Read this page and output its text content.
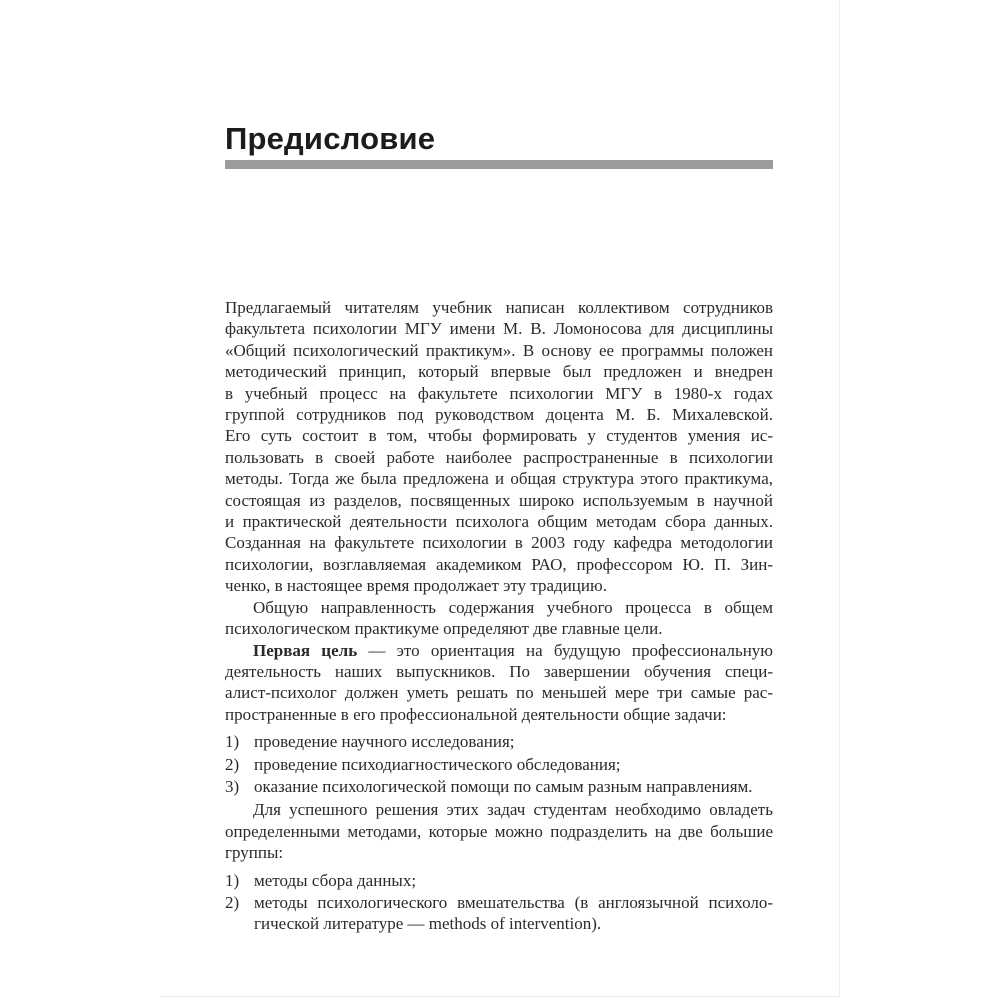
Предисловие
Предлагаемый читателям учебник написан коллективом сотрудников
факультета психологии МГУ имени М. В. Ломоносова для дисциплины
«Общий психологический практикум». В основу ее программы положен
методический принцип, который впервые был предложен и внедрен
в учебный процесс на факультете психологии МГУ в 1980-х годах
группой сотрудников под руководством доцента М. Б. Михалевской.
Его суть состоит в том, чтобы формировать у студентов умения ис-
пользовать в своей работе наиболее распространенные в психологии
методы. Тогда же была предложена и общая структура этого практикума,
состоящая из разделов, посвященных широко используемым в научной
и практической деятельности психолога общим методам сбора данных.
Созданная на факультете психологии в 2003 году кафедра методологии
психологии, возглавляемая академиком РАО, профессором Ю. П. Зин-
ченко, в настоящее время продолжает эту традицию.
Общую направленность содержания учебного процесса в общем
психологическом практикуме определяют две главные цели.
Первая цель — это ориентация на будущую профессиональную
деятельность наших выпускников. По завершении обучения специ-
алист-психолог должен уметь решать по меньшей мере три самые рас-
пространенные в его профессиональной деятельности общие задачи:
1) проведение научного исследования;
2) проведение психодиагностического обследования;
3) оказание психологической помощи по самым разным направлениям.
Для успешного решения этих задач студентам необходимо овладеть
определенными методами, которые можно подразделить на две большие
группы:
1) методы сбора данных;
2) методы психологического вмешательства (в англоязычной психоло-
гической литературе — methods of intervention).
